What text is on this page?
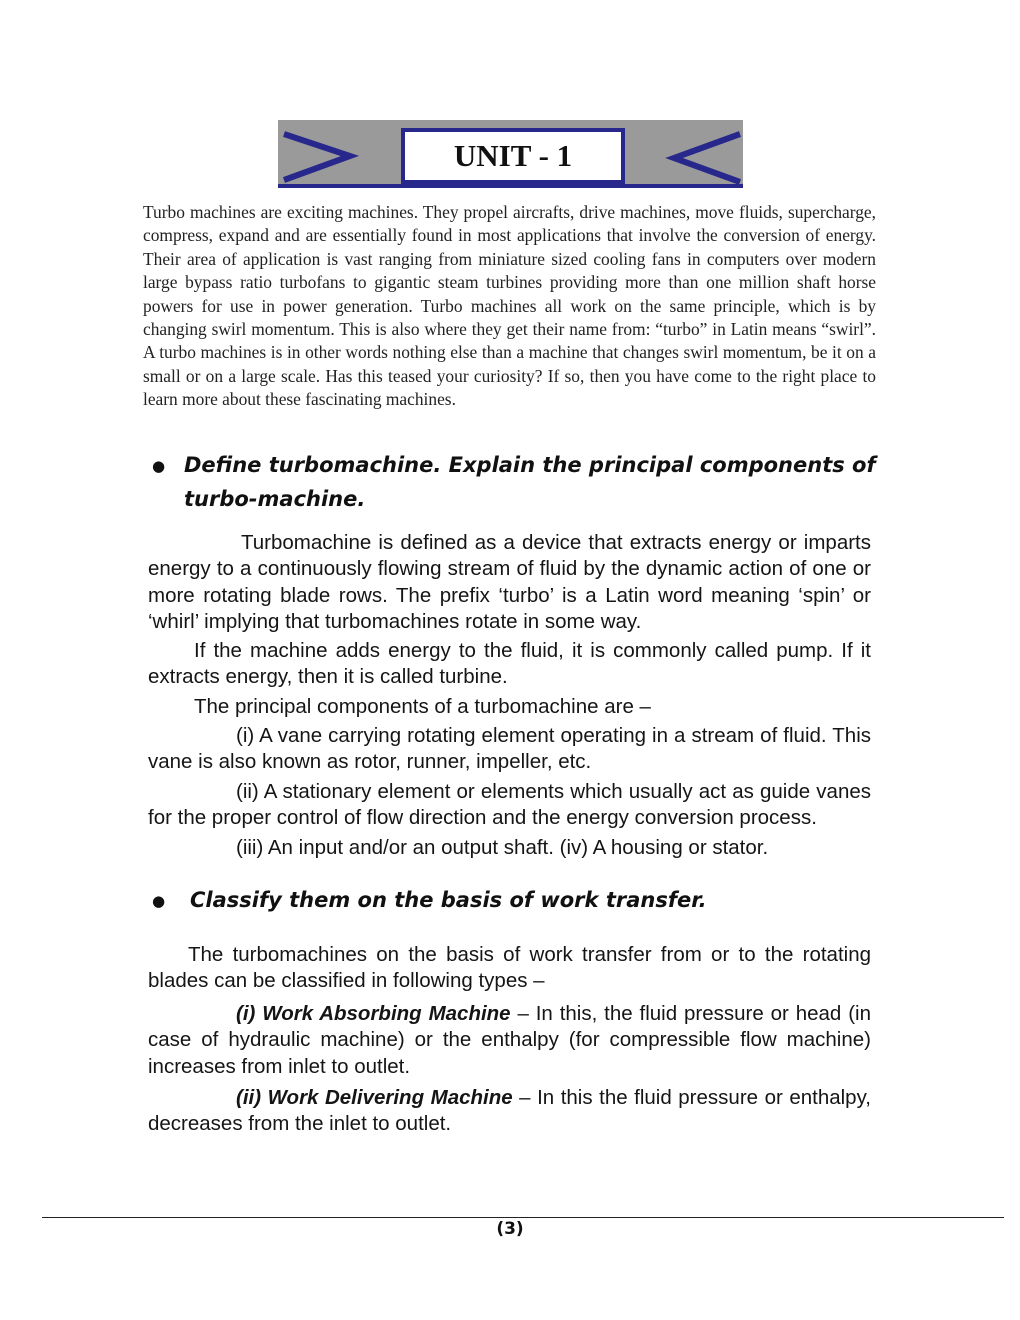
UNIT - 1
Turbo machines are exciting machines. They propel aircrafts, drive machines, move fluids, supercharge, compress, expand and are essentially found in most applications that involve the conversion of energy. Their area of application is vast ranging from miniature sized cooling fans in computers over modern large bypass ratio turbofans to gigantic steam turbines providing more than one million shaft horse powers for use in power generation. Turbo machines all work on the same principle, which is by changing swirl momentum. This is also where they get their name from: “turbo” in Latin means “swirl”. A turbo machines is in other words nothing else than a machine that changes swirl momentum, be it on a small or on a large scale. Has this teased your curiosity? If so, then you have come to the right place to learn more about these fascinating machines.
● Define turbomachine. Explain the principal components of turbo-machine.
Turbomachine is defined as a device that extracts energy or imparts energy to a continuously flowing stream of fluid by the dynamic action of one or more rotating blade rows. The prefix ‘turbo’ is a Latin word meaning ‘spin’ or ‘whirl’ implying that turbomachines rotate in some way.
If the machine adds energy to the fluid, it is commonly called pump. If it extracts energy, then it is called turbine.
The principal components of a turbomachine are –
(i) A vane carrying rotating element operating in a stream of fluid. This vane is also known as rotor, runner, impeller, etc.
(ii) A stationary element or elements which usually act as guide vanes for the proper control of flow direction and the energy conversion process.
(iii) An input and/or an output shaft. (iv) A housing or stator.
● Classify them on the basis of work transfer.
The turbomachines on the basis of work transfer from or to the rotating blades can be classified in following types –
(i) Work Absorbing Machine – In this, the fluid pressure or head (in case of hydraulic machine) or the enthalpy (for compressible flow machine) increases from inlet to outlet.
(ii) Work Delivering Machine – In this the fluid pressure or enthalpy, decreases from the inlet to outlet.
(3)
